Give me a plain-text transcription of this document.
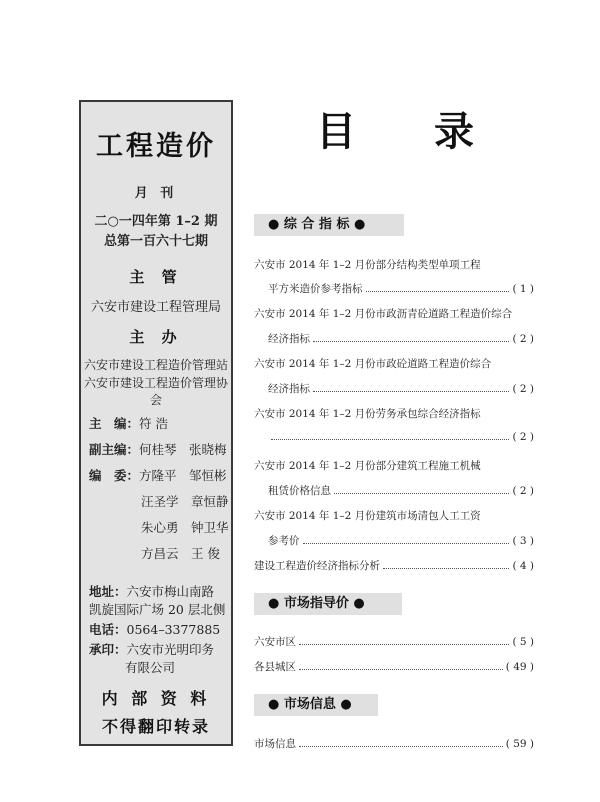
工程造价
月 刊
二○一四年第 1–2 期
总第一百六十七期
主 管
六安市建设工程管理局
主 办
六安市建设工程造价管理站
六安市建设工程造价管理协会
主　编：符 浩
副主编：何桂琴　张晓梅
编　委：方隆平　邹恒彬
汪圣学　章恒静
朱心勇　钟卫华
方昌云　王 俊
地址：六安市梅山南路
凯旋国际广场 20 层北侧
电话：0564–3377885
承印：六安市光明印务
有限公司
内 部 资 料
不得翻印转录
目 录
● 综 合 指 标 ●
● 市场指导价 ●
● 市场信息 ●
六安市 2014 年 1–2 月份部分结构类型单项工程
平方米造价参考指标	( 1 )
六安市 2014 年 1–2 月份市政沥青砼道路工程造价综合
经济指标	( 2 )
六安市 2014 年 1–2 月份市政砼道路工程造价综合
经济指标	( 2 )
六安市 2014 年 1–2 月份劳务承包综合经济指标
( 2 )
六安市 2014 年 1–2 月份部分建筑工程施工机械
租赁价格信息	( 2 )
六安市 2014 年 1–2 月份建筑市场清包人工工资
参考价	( 3 )
建设工程造价经济指标分析	( 4 )
六安市区	( 5 )
各县城区	( 49 )
市场信息	( 59 )
